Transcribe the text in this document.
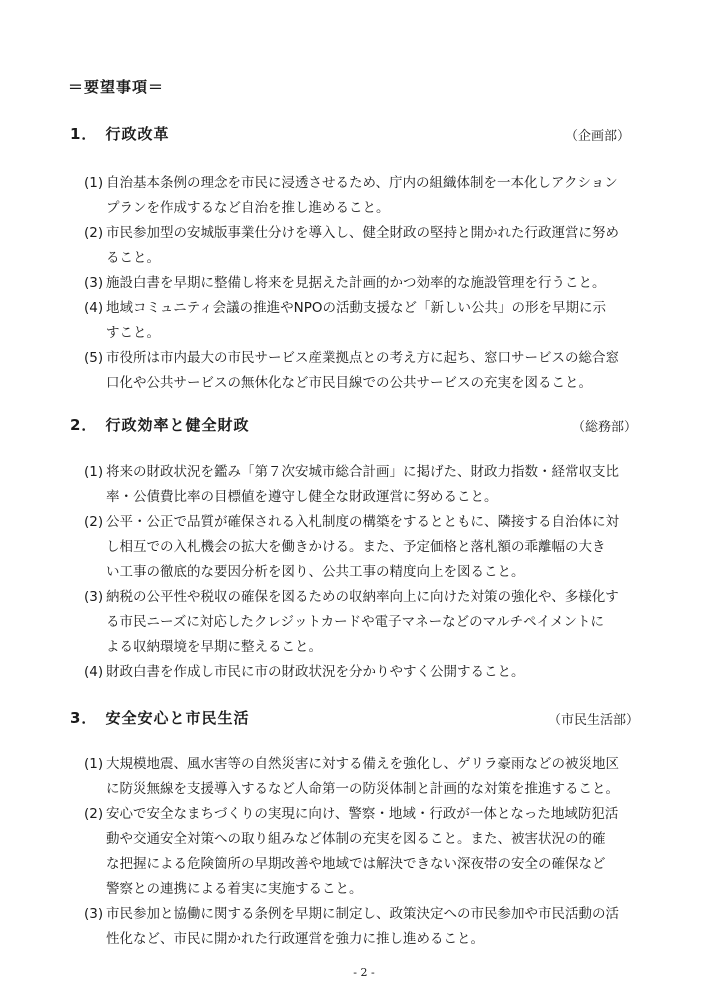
＝要望事項＝
1． 行政改革	（企画部）
(1) 自治基本条例の理念を市民に浸透させるため、庁内の組織体制を一本化しアクション
プランを作成するなど自治を推し進めること。
(2) 市民参加型の安城版事業仕分けを導入し、健全財政の堅持と開かれた行政運営に努め
ること。
(3) 施設白書を早期に整備し将来を見据えた計画的かつ効率的な施設管理を行うこと。
(4) 地域コミュニティ会議の推進やNPOの活動支援など「新しい公共」の形を早期に示
すこと。
(5) 市役所は市内最大の市民サービス産業拠点との考え方に起ち、窓口サービスの総合窓
口化や公共サービスの無休化など市民目線での公共サービスの充実を図ること。
2． 行政効率と健全財政	（総務部）
(1) 将来の財政状況を鑑み「第７次安城市総合計画」に掲げた、財政力指数・経常収支比
率・公債費比率の目標値を遵守し健全な財政運営に努めること。
(2) 公平・公正で品質が確保される入札制度の構築をするとともに、隣接する自治体に対
し相互での入札機会の拡大を働きかける。また、予定価格と落札額の乖離幅の大き
い工事の徹底的な要因分析を図り、公共工事の精度向上を図ること。
(3) 納税の公平性や税収の確保を図るための収納率向上に向けた対策の強化や、多様化す
る市民ニーズに対応したクレジットカードや電子マネーなどのマルチペイメントに
よる収納環境を早期に整えること。
(4) 財政白書を作成し市民に市の財政状況を分かりやすく公開すること。
3． 安全安心と市民生活	（市民生活部）
(1) 大規模地震、風水害等の自然災害に対する備えを強化し、ゲリラ豪雨などの被災地区
に防災無線を支援導入するなど人命第一の防災体制と計画的な対策を推進すること。
(2) 安心で安全なまちづくりの実現に向け、警察・地域・行政が一体となった地域防犯活
動や交通安全対策への取り組みなど体制の充実を図ること。また、被害状況の的確
な把握による危険箇所の早期改善や地域では解決できない深夜帯の安全の確保など
警察との連携による着実に実施すること。
(3) 市民参加と協働に関する条例を早期に制定し、政策決定への市民参加や市民活動の活
性化など、市民に開かれた行政運営を強力に推し進めること。
- 2 -
